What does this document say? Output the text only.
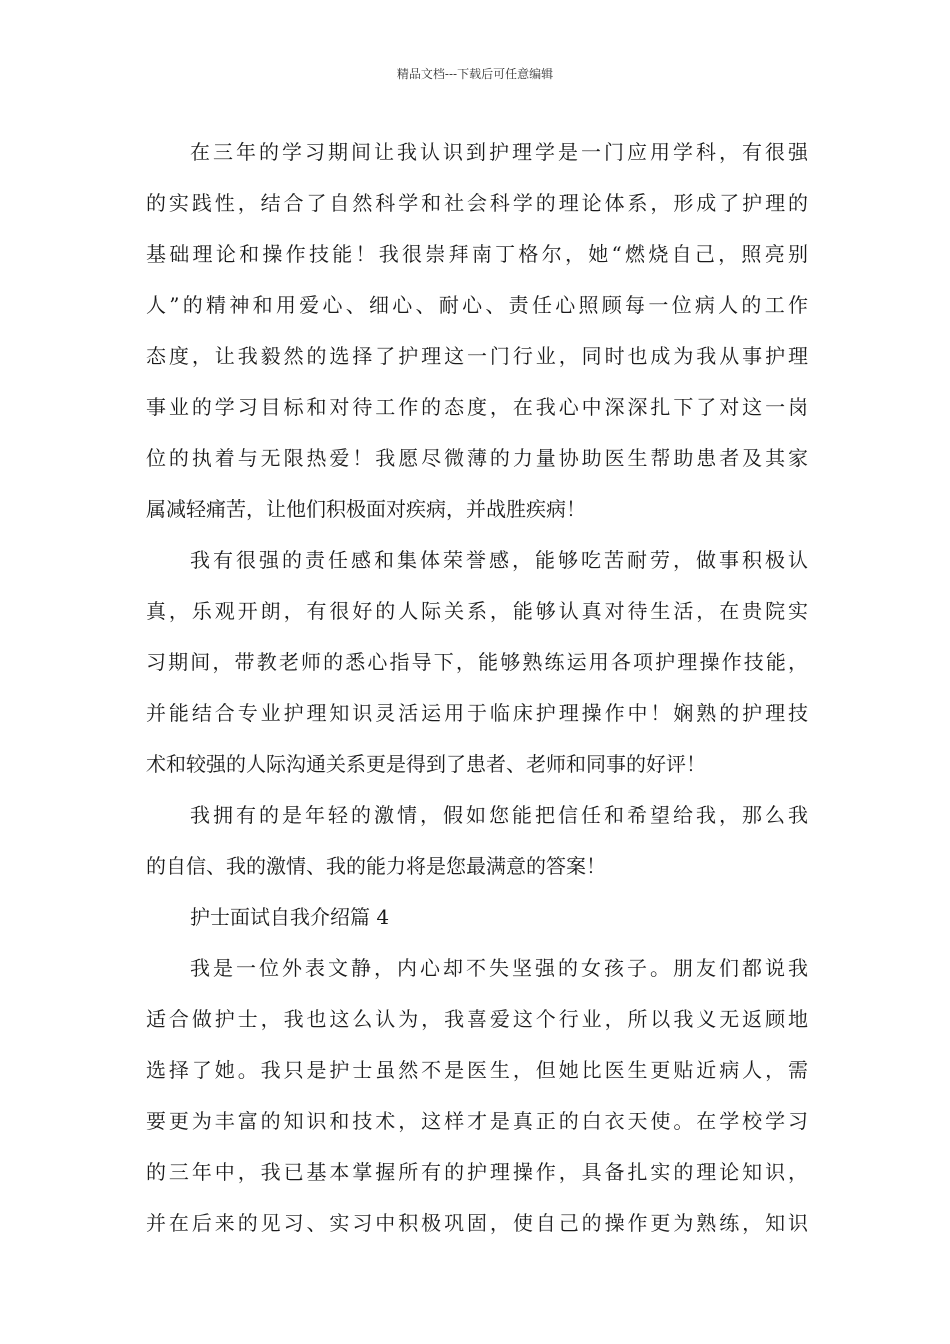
精品文档---下载后可任意编辑
在三年的学习期间让我认识到护理学是一门应用学科，有很强
的实践性，结合了自然科学和社会科学的理论体系，形成了护理的
基础理论和操作技能！我很崇拜南丁格尔，她“燃烧自己，照亮别
人”的精神和用爱心、细心、耐心、责任心照顾每一位病人的工作
态度，让我毅然的选择了护理这一门行业，同时也成为我从事护理
事业的学习目标和对待工作的态度，在我心中深深扎下了对这一岗
位的执着与无限热爱！我愿尽微薄的力量协助医生帮助患者及其家
属减轻痛苦，让他们积极面对疾病，并战胜疾病！
我有很强的责任感和集体荣誉感，能够吃苦耐劳，做事积极认
真，乐观开朗，有很好的人际关系，能够认真对待生活，在贵院实
习期间，带教老师的悉心指导下，能够熟练运用各项护理操作技能，
并能结合专业护理知识灵活运用于临床护理操作中！娴熟的护理技
术和较强的人际沟通关系更是得到了患者、老师和同事的好评！
我拥有的是年轻的激情，假如您能把信任和希望给我，那么我
的自信、我的激情、我的能力将是您最满意的答案！
护士面试自我介绍篇 4
我是一位外表文静，内心却不失坚强的女孩子。朋友们都说我
适合做护士，我也这么认为，我喜爱这个行业，所以我义无返顾地
选择了她。我只是护士虽然不是医生，但她比医生更贴近病人，需
要更为丰富的知识和技术，这样才是真正的白衣天使。在学校学习
的三年中，我已基本掌握所有的护理操作，具备扎实的理论知识，
并在后来的见习、实习中积极巩固，使自己的操作更为熟练，知识
